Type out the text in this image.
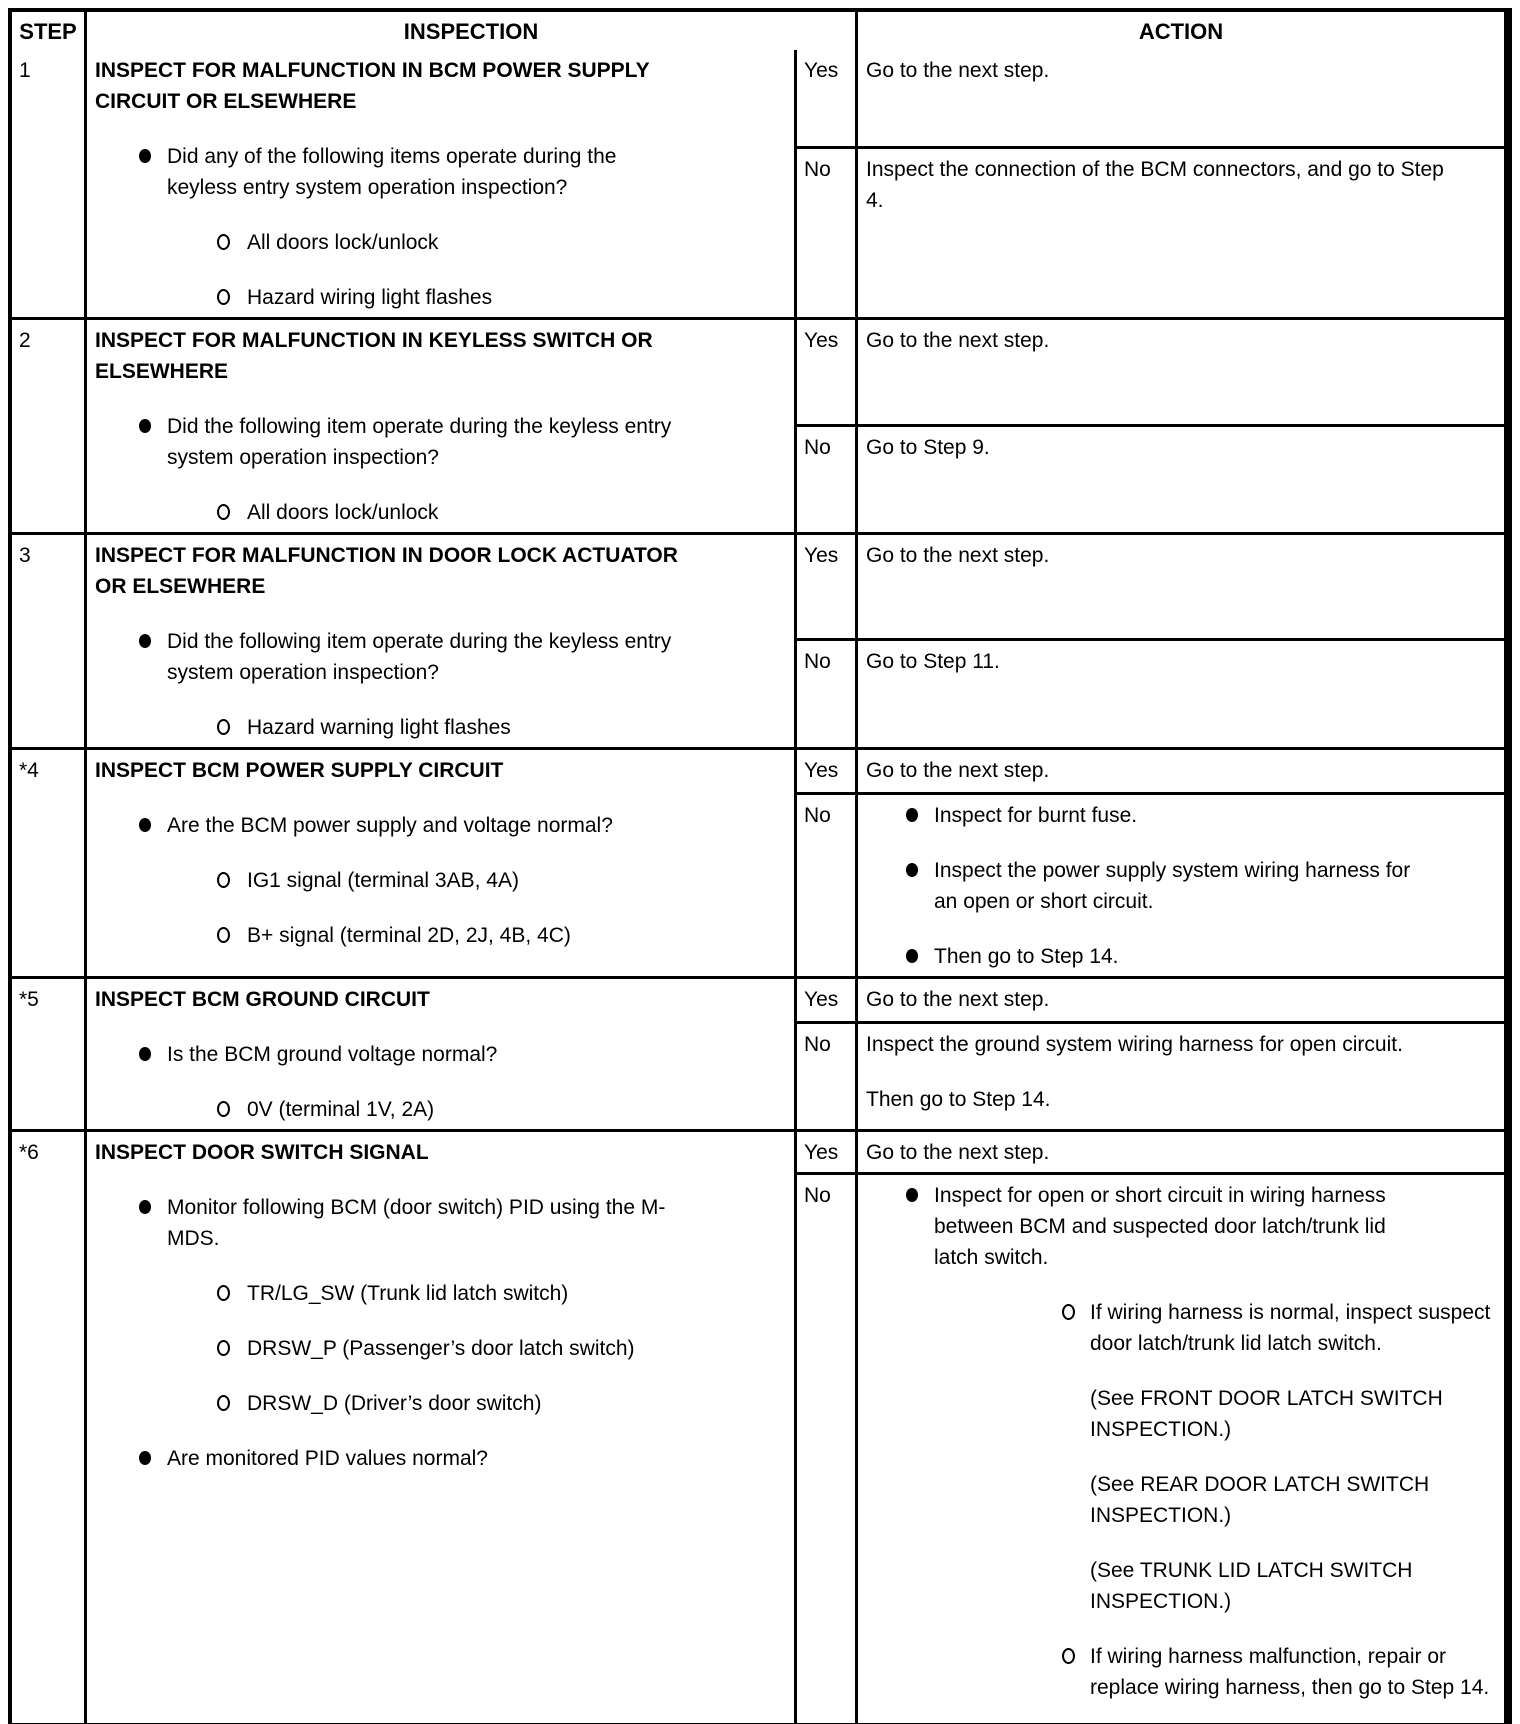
STEP	INSPECTION	ACTION
1	INSPECT FOR MALFUNCTION IN BCM POWER SUPPLY CIRCUIT OR ELSEWHERE
Did any of the following items operate during the keyless entry system operation inspection?
All doors lock/unlock
Hazard wiring light flashes
Yes	Go to the next step.
No	Inspect the connection of the BCM connectors, and go to Step 4.
2	INSPECT FOR MALFUNCTION IN KEYLESS SWITCH OR ELSEWHERE
Did the following item operate during the keyless entry system operation inspection?
All doors lock/unlock
Yes	Go to the next step.
No	Go to Step 9.
3	INSPECT FOR MALFUNCTION IN DOOR LOCK ACTUATOR OR ELSEWHERE
Did the following item operate during the keyless entry system operation inspection?
Hazard warning light flashes
Yes	Go to the next step.
No	Go to Step 11.
*4	INSPECT BCM POWER SUPPLY CIRCUIT
Are the BCM power supply and voltage normal?
IG1 signal (terminal 3AB, 4A)
B+ signal (terminal 2D, 2J, 4B, 4C)
Yes	Go to the next step.
No	Inspect for burnt fuse.
Inspect the power supply system wiring harness for an open or short circuit.
Then go to Step 14.
*5	INSPECT BCM GROUND CIRCUIT
Is the BCM ground voltage normal?
0V (terminal 1V, 2A)
Yes	Go to the next step.
No	Inspect the ground system wiring harness for open circuit.
Then go to Step 14.
*6	INSPECT DOOR SWITCH SIGNAL
Monitor following BCM (door switch) PID using the M-MDS.
TR/LG_SW (Trunk lid latch switch)
DRSW_P (Passenger’s door latch switch)
DRSW_D (Driver’s door switch)
Are monitored PID values normal?
Yes	Go to the next step.
No	Inspect for open or short circuit in wiring harness between BCM and suspected door latch/trunk lid latch switch.
If wiring harness is normal, inspect suspect door latch/trunk lid latch switch.
(See FRONT DOOR LATCH SWITCH INSPECTION.)
(See REAR DOOR LATCH SWITCH INSPECTION.)
(See TRUNK LID LATCH SWITCH INSPECTION.)
If wiring harness malfunction, repair or replace wiring harness, then go to Step 14.
